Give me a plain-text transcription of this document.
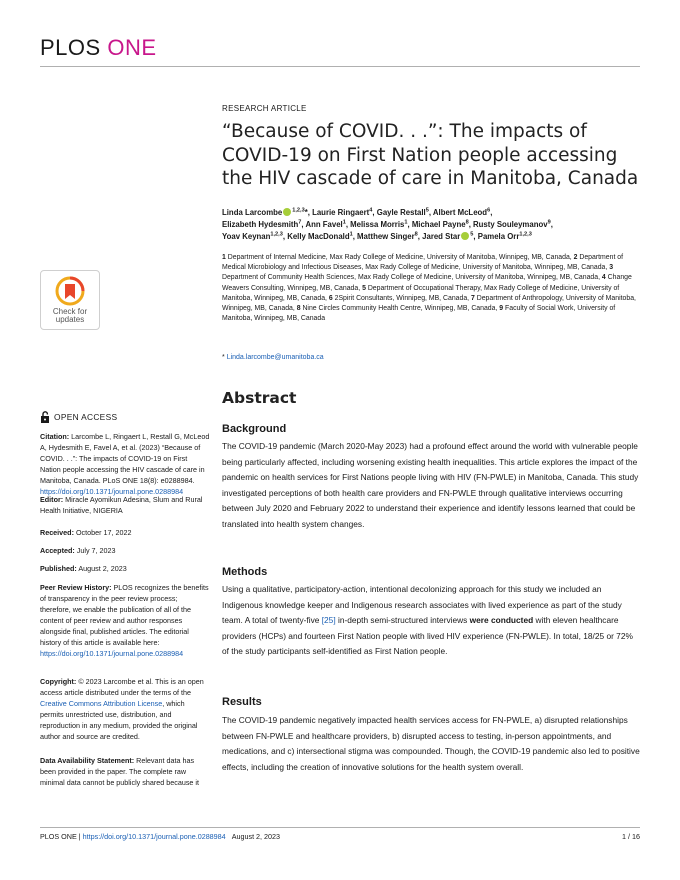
PLOS ONE
Check for
updates
OPEN ACCESS
Citation: Larcombe L, Ringaert L, Restall G, McLeod A, Hydesmith E, Favel A, et al. (2023) “Because of COVID. . .”: The impacts of COVID-19 on First Nation people accessing the HIV cascade of care in Manitoba, Canada. PLoS ONE 18(8): e0288984. https://doi.org/10.1371/journal.pone.0288984
Editor: Miracle Ayomikun Adesina, Slum and Rural Health Initiative, NIGERIA
Received: October 17, 2022
Accepted: July 7, 2023
Published: August 2, 2023
Peer Review History: PLOS recognizes the benefits of transparency in the peer review process; therefore, we enable the publication of all of the content of peer review and author responses alongside final, published articles. The editorial history of this article is available here: https://doi.org/10.1371/journal.pone.0288984
Copyright: © 2023 Larcombe et al. This is an open access article distributed under the terms of the Creative Commons Attribution License, which permits unrestricted use, distribution, and reproduction in any medium, provided the original author and source are credited.
Data Availability Statement: Relevant data has been provided in the paper. The complete raw minimal data cannot be publicly shared because it
RESEARCH ARTICLE
“Because of COVID. . .”: The impacts of COVID-19 on First Nation people accessing the HIV cascade of care in Manitoba, Canada
Linda Larcombe $^{1,2,3}$*, Laurie Ringaert$^4$, Gayle Restall$^5$, Albert McLeod$^6$,
Elizabeth Hydesmith$^7$, Ann Favel$^1$, Melissa Morris$^1$, Michael Payne$^8$, Rusty Souleymanov$^9$,
Yoav Keynan$^{1,2,3}$, Kelly MacDonald$^1$, Matthew Singer$^8$, Jared Star $^5$, Pamela Orr$^{1,2,3}$
1 Department of Internal Medicine, Max Rady College of Medicine, University of Manitoba, Winnipeg, MB, Canada, 2 Department of Medical Microbiology and Infectious Diseases, Max Rady College of Medicine, University of Manitoba, Winnipeg, MB, Canada, 3 Department of Community Health Sciences, Max Rady College of Medicine, University of Manitoba, Winnipeg, MB, Canada, 4 Change Weavers Consulting, Winnipeg, MB, Canada, 5 Department of Occupational Therapy, Max Rady College of Medicine, University of Manitoba, Winnipeg, MB, Canada, 6 2Spirit Consultants, Winnipeg, MB, Canada, 7 Department of Anthropology, University of Manitoba, Winnipeg, MB, Canada, 8 Nine Circles Community Health Centre, Winnipeg, MB, Canada, 9 Faculty of Social Work, University of Manitoba, Winnipeg, MB, Canada
* Linda.larcombe@umanitoba.ca
Abstract
Background

The COVID-19 pandemic (March 2020-May 2023) had a profound effect around the world with vulnerable people being particularly affected, including worsening existing health inequalities. This article explores the impact of the pandemic on health services for First Nations people living with HIV (FN-PWLE) in Manitoba, Canada. This study investigated perceptions of both health care providers and FN-PWLE through qualitative interviews occurring between July 2020 and February 2022 to understand their experience and identify lessons learned that could be translated into health system changes.

Methods

Using a qualitative, participatory-action, intentional decolonizing approach for this study we included an Indigenous knowledge keeper and Indigenous research associates with lived experience as part of the study team. A total of twenty-five [25] in-depth semi-structured interviews were conducted with eleven healthcare providers (HCPs) and fourteen First Nation people with lived HIV experience (FN-PWLE). In total, 18/25 or 72% of the study participants self-identified as First Nation people.

Results

The COVID-19 pandemic negatively impacted health services access for FN-PWLE, a) disrupted relationships between FN-PWLE and healthcare providers, b) disrupted access to testing, in-person appointments, and medications, and c) intersectional stigma was compounded. Though, the COVID-19 pandemic also led to positive effects, including the creation of innovative solutions for the health system overall.

PLOS ONE | https://doi.org/10.1371/journal.pone.0288984 August 2, 2023	1 / 16
